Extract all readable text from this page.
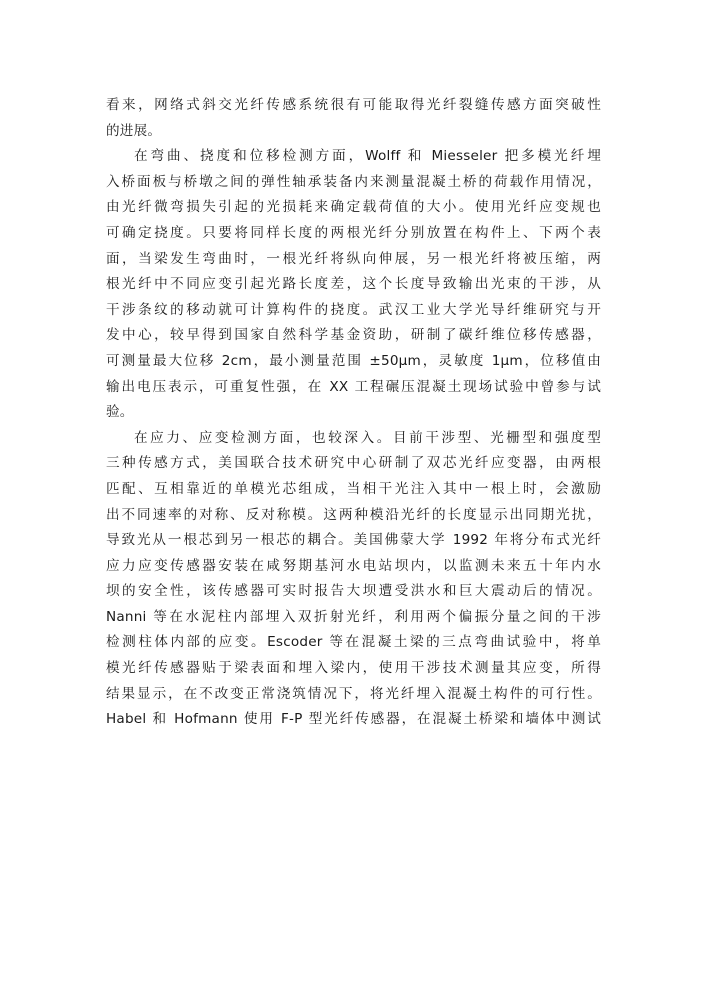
看来，网络式斜交光纤传感系统很有可能取得光纤裂缝传感方面突破性
的进展。
在弯曲、挠度和位移检测方面，Wolff 和 Miesseler 把多模光纤埋
入桥面板与桥墩之间的弹性轴承装备内来测量混凝土桥的荷载作用情况，
由光纤微弯损失引起的光损耗来确定载荷值的大小。使用光纤应变规也
可确定挠度。只要将同样长度的两根光纤分别放置在构件上、下两个表
面，当梁发生弯曲时，一根光纤将纵向伸展，另一根光纤将被压缩，两
根光纤中不同应变引起光路长度差，这个长度导致输出光束的干涉，从
干涉条纹的移动就可计算构件的挠度。武汉工业大学光导纤维研究与开
发中心，较早得到国家自然科学基金资助，研制了碳纤维位移传感器，
可测量最大位移 2cm，最小测量范围 ±50μm，灵敏度 1μm，位移值由
输出电压表示，可重复性强，在 XX 工程碾压混凝土现场试验中曾参与试
验。
在应力、应变检测方面，也较深入。目前干涉型、光栅型和强度型
三种传感方式，美国联合技术研究中心研制了双芯光纤应变器，由两根
匹配、互相靠近的单模光芯组成，当相干光注入其中一根上时，会激励
出不同速率的对称、反对称模。这两种模沿光纤的长度显示出同期光扰，
导致光从一根芯到另一根芯的耦合。美国佛蒙大学 1992 年将分布式光纤
应力应变传感器安装在咸努期基河水电站坝内，以监测未来五十年内水
坝的安全性，该传感器可实时报告大坝遭受洪水和巨大震动后的情况。
Nanni 等在水泥柱内部埋入双折射光纤，利用两个偏振分量之间的干涉
检测柱体内部的应变。Escoder 等在混凝土梁的三点弯曲试验中，将单
模光纤传感器贴于梁表面和埋入梁内，使用干涉技术测量其应变，所得
结果显示，在不改变正常浇筑情况下，将光纤埋入混凝土构件的可行性。
Habel 和 Hofmann 使用 F-P 型光纤传感器，在混凝土桥梁和墙体中测试
